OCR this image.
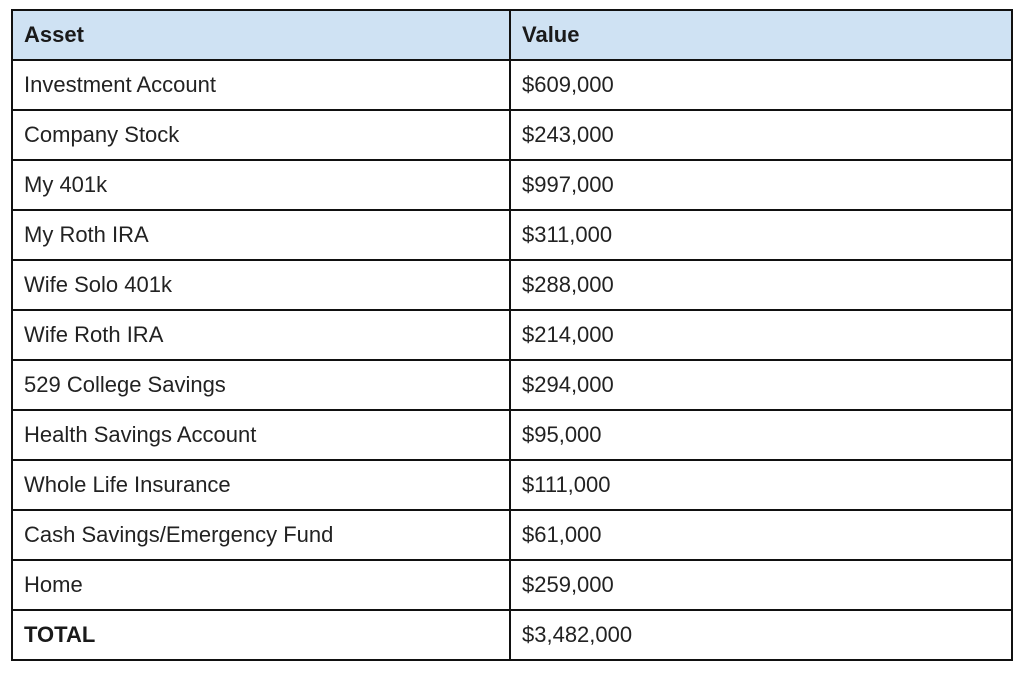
Asset	Value
Investment Account	$609,000
Company Stock	$243,000
My 401k	$997,000
My Roth IRA	$311,000
Wife Solo 401k	$288,000
Wife Roth IRA	$214,000
529 College Savings	$294,000
Health Savings Account	$95,000
Whole Life Insurance	$111,000
Cash Savings/Emergency Fund	$61,000
Home	$259,000
TOTAL	$3,482,000
